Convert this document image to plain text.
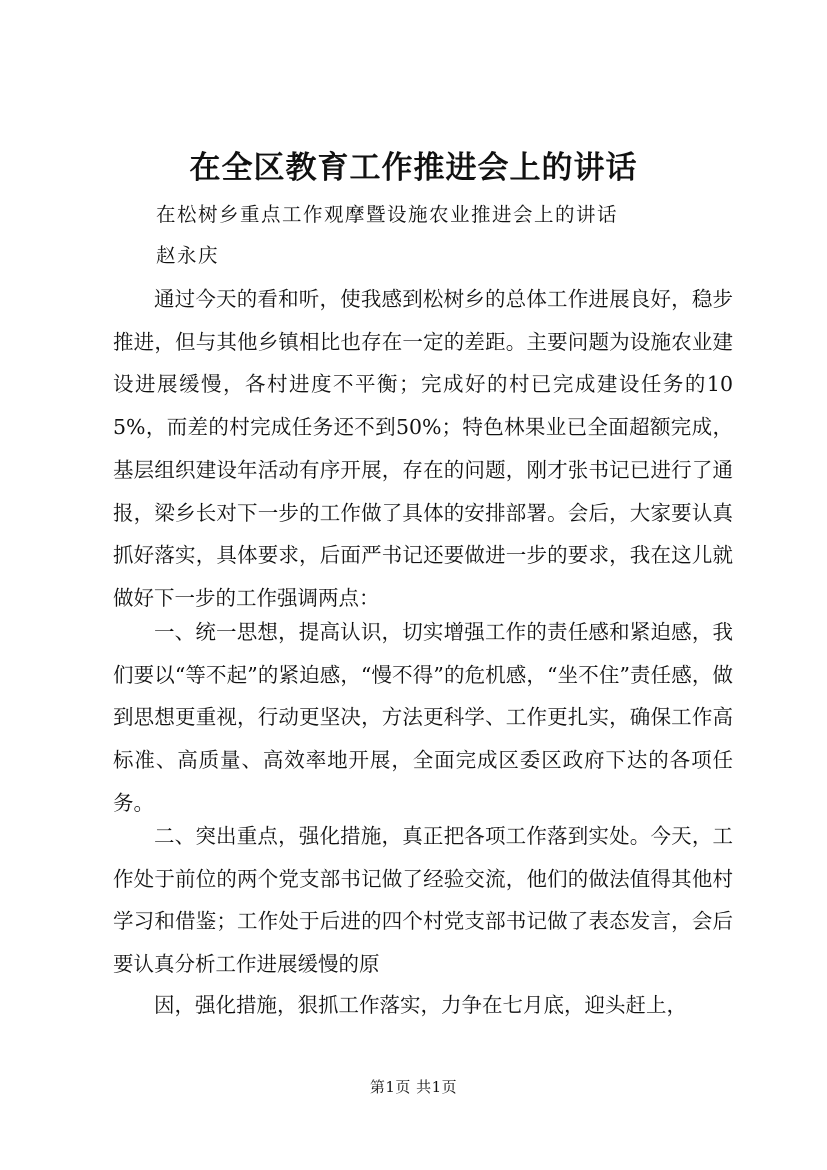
在全区教育工作推进会上的讲话
在松树乡重点工作观摩暨设施农业推进会上的讲话
赵永庆
通过今天的看和听，使我感到松树乡的总体工作进展良好，稳步推进，但与其他乡镇相比也存在一定的差距。主要问题为设施农业建设进展缓慢，各村进度不平衡；完成好的村已完成建设任务的105%，而差的村完成任务还不到50%；特色林果业已全面超额完成，基层组织建设年活动有序开展，存在的问题，刚才张书记已进行了通报，梁乡长对下一步的工作做了具体的安排部署。会后，大家要认真抓好落实，具体要求，后面严书记还要做进一步的要求，我在这儿就做好下一步的工作强调两点：
一、统一思想，提高认识，切实增强工作的责任感和紧迫感，我们要以“等不起”的紧迫感，“慢不得”的危机感，“坐不住”责任感，做到思想更重视，行动更坚决，方法更科学、工作更扎实，确保工作高标准、高质量、高效率地开展，全面完成区委区政府下达的各项任务。
二、突出重点，强化措施，真正把各项工作落到实处。今天，工作处于前位的两个党支部书记做了经验交流，他们的做法值得其他村学习和借鉴；工作处于后进的四个村党支部书记做了表态发言，会后要认真分析工作进展缓慢的原
因，强化措施，狠抓工作落实，力争在七月底，迎头赶上，
第1页 共1页
